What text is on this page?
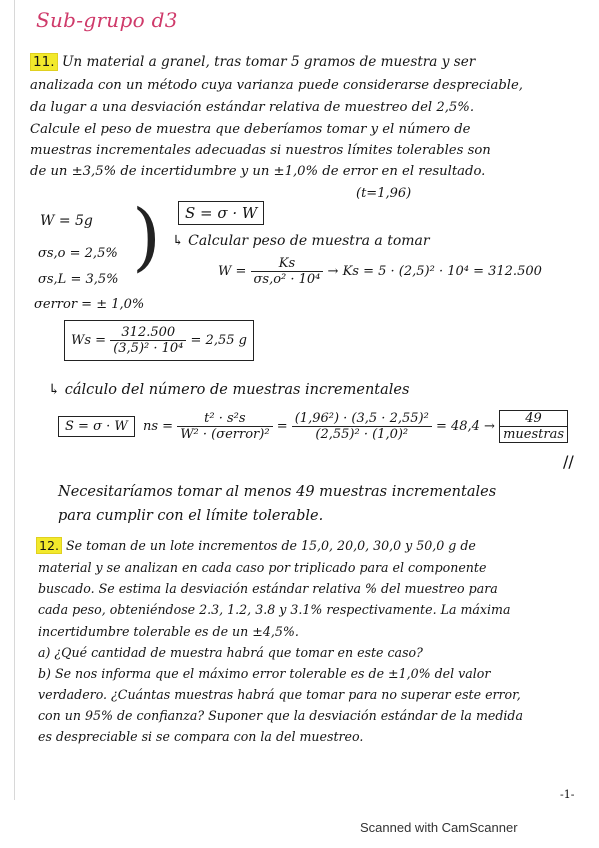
Sub-grupo d3
11. Un material a granel, tras tomar 5 gramos de muestra y ser
analizada con un método cuya varianza puede considerarse despreciable,
da lugar a una desviación estándar relativa de muestreo del 2,5%.
Calcule el peso de muestra que deberíamos tomar y el número de
muestras incrementales adecuadas si nuestros límites tolerables son
de un ±3,5% de incertidumbre y un ±1,0% de error en el resultado.
(t=1,96)
W = 5g
σs,o = 2,5%
σs,L = 3,5%
σerror = ± 1,0%
)	S = σ · W
↳ Calcular peso de muestra a tomar
$W = \frac{Ks}{\text{σs,o² · 10⁴}} \to Ks = 5 \cdot (2,5)^2 \cdot 10^4 = 312.500$
$Ws = \frac{312.500}{\text{(3,5)² · 10⁴}} = 2,55$ g
↳ cálculo del número de muestras incrementales
S = σ · W ns = $\frac{\text{t² · s²s}}{\text{W² · (σerror)²}} = \frac{\text{(1,96²) · (3,5 · 2,55)²}}{\text{(2,55)² · (1,0)²}} = 48,4 \to \frac{49}{\text{muestras}}$
//
Necesitaríamos tomar al menos 49 muestras incrementales
para cumplir con el límite tolerable.
12. Se toman de un lote incrementos de 15,0, 20,0, 30,0 y 50,0 g de
material y se analizan en cada caso por triplicado para el componente
buscado. Se estima la desviación estándar relativa % del muestreo para
cada peso, obteniéndose 2.3, 1.2, 3.8 y 3.1% respectivamente. La máxima
incertidumbre tolerable es de un ±4,5%.
a) ¿Qué cantidad de muestra habrá que tomar en este caso?
b) Se nos informa que el máximo error tolerable es de ±1,0% del valor
verdadero. ¿Cuántas muestras habrá que tomar para no superar este error,
con un 95% de confianza? Suponer que la desviación estándar de la medida
es despreciable si se compara con la del muestreo.
-1-
Scanned with CamScanner
